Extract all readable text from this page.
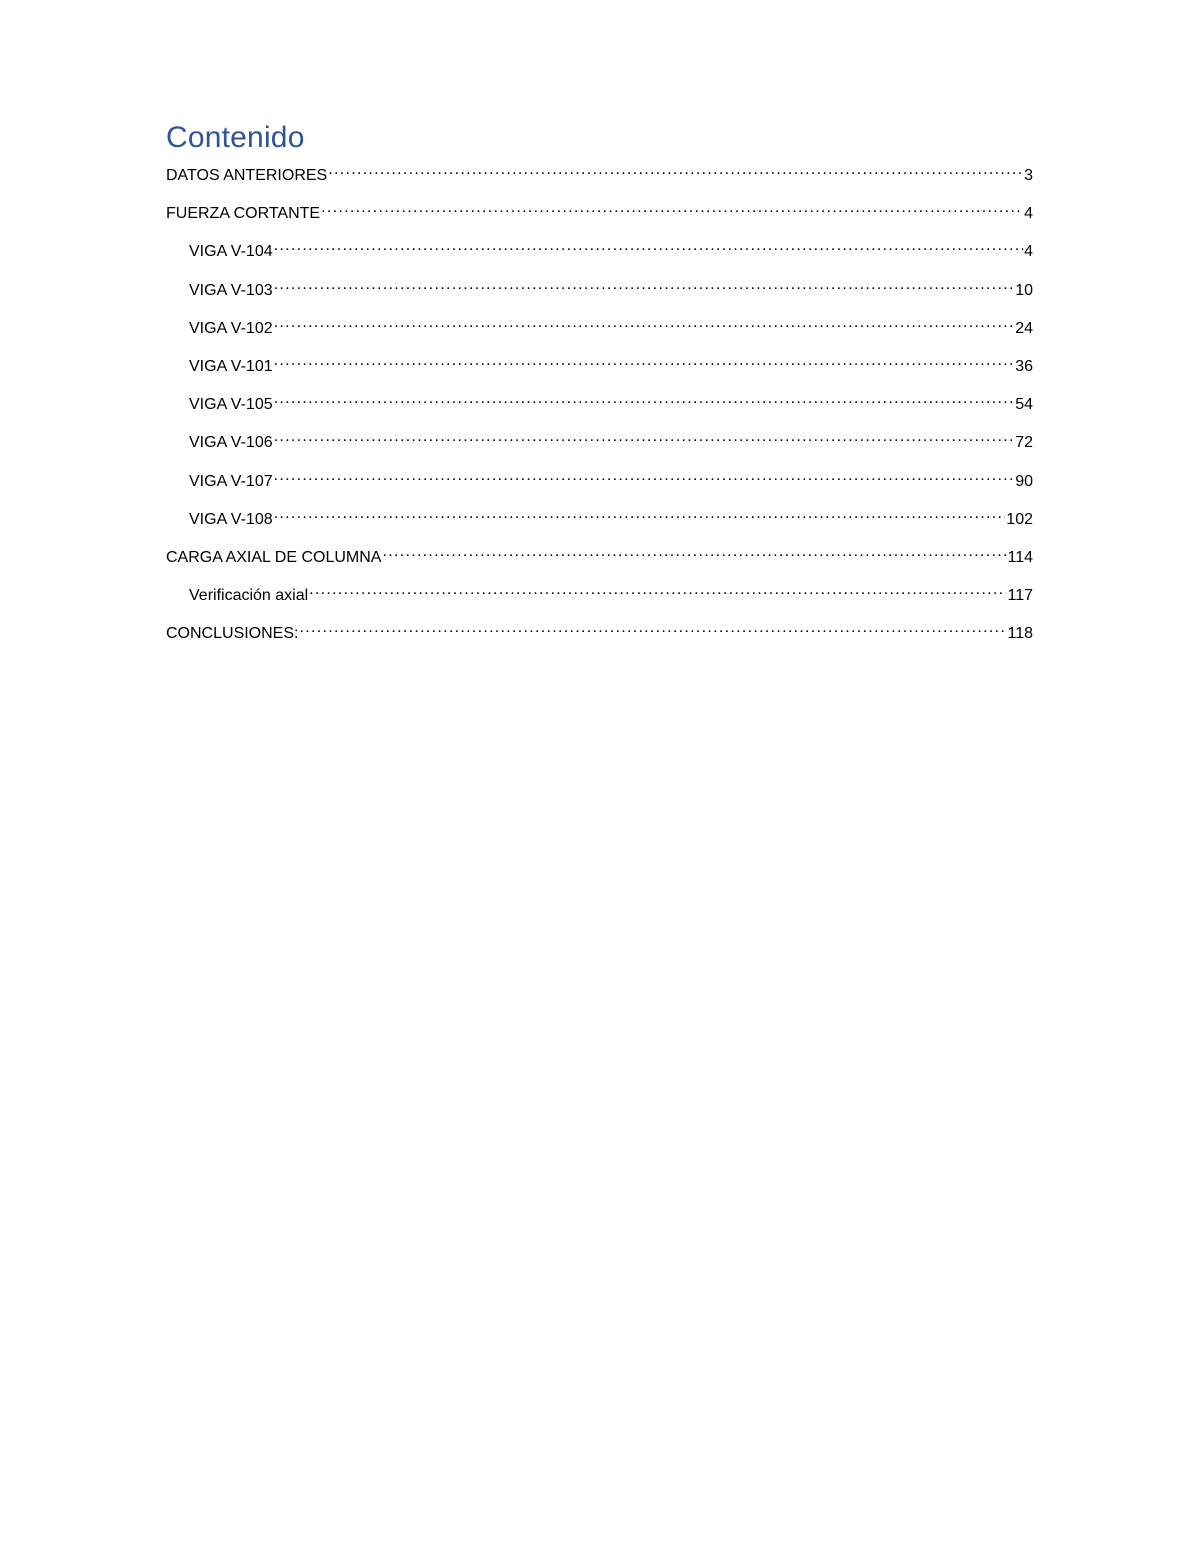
Contenido
DATOS ANTERIORES .....	3
FUERZA CORTANTE .....	4
VIGA V-104 .....	4
VIGA V-103 .....	10
VIGA V-102 .....	24
VIGA V-101 .....	36
VIGA V-105 .....	54
VIGA V-106 .....	72
VIGA V-107 .....	90
VIGA V-108 .....	102
CARGA AXIAL DE COLUMNA .....	114
Verificación axial .....	117
CONCLUSIONES: .....	118
